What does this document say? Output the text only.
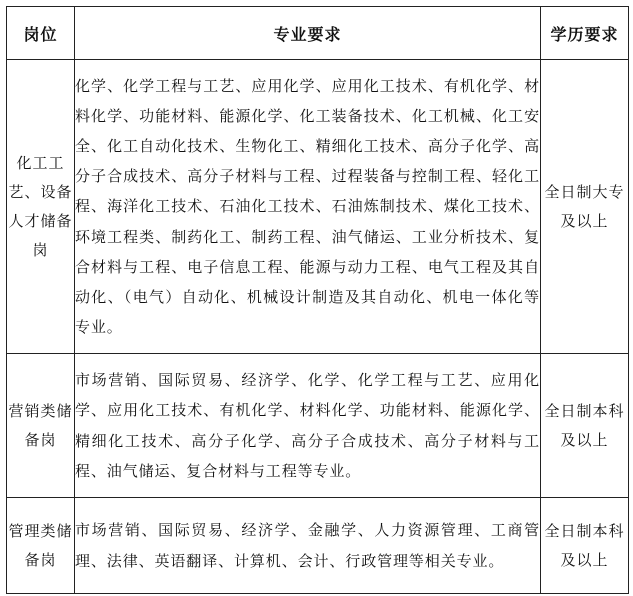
岗位	专业要求	学历要求

化工工艺、设备人才储备岗	化学、化学工程与工艺、应用化学、应用化工技术、有机化学、材料化学、功能材料、能源化学、化工装备技术、化工机械、化工安全、化工自动化技术、生物化工、精细化工技术、高分子化学、高分子合成技术、高分子材料与工程、过程装备与控制工程、轻化工程、海洋化工技术、石油化工技术、石油炼制技术、煤化工技术、环境工程类、制药化工、制药工程、油气储运、工业分析技术、复合材料与工程、电子信息工程、能源与动力工程、电气工程及其自动化、（电气）自动化、机械设计制造及其自动化、机电一体化等专业。	全日制大专及以上

营销类储备岗	市场营销、国际贸易、经济学、化学、化学工程与工艺、应用化学、应用化工技术、有机化学、材料化学、功能材料、能源化学、精细化工技术、高分子化学、高分子合成技术、高分子材料与工程、油气储运、复合材料与工程等专业。	全日制本科及以上

管理类储备岗	市场营销、国际贸易、经济学、金融学、人力资源管理、工商管理、法律、英语翻译、计算机、会计、行政管理等相关专业。	全日制本科及以上
